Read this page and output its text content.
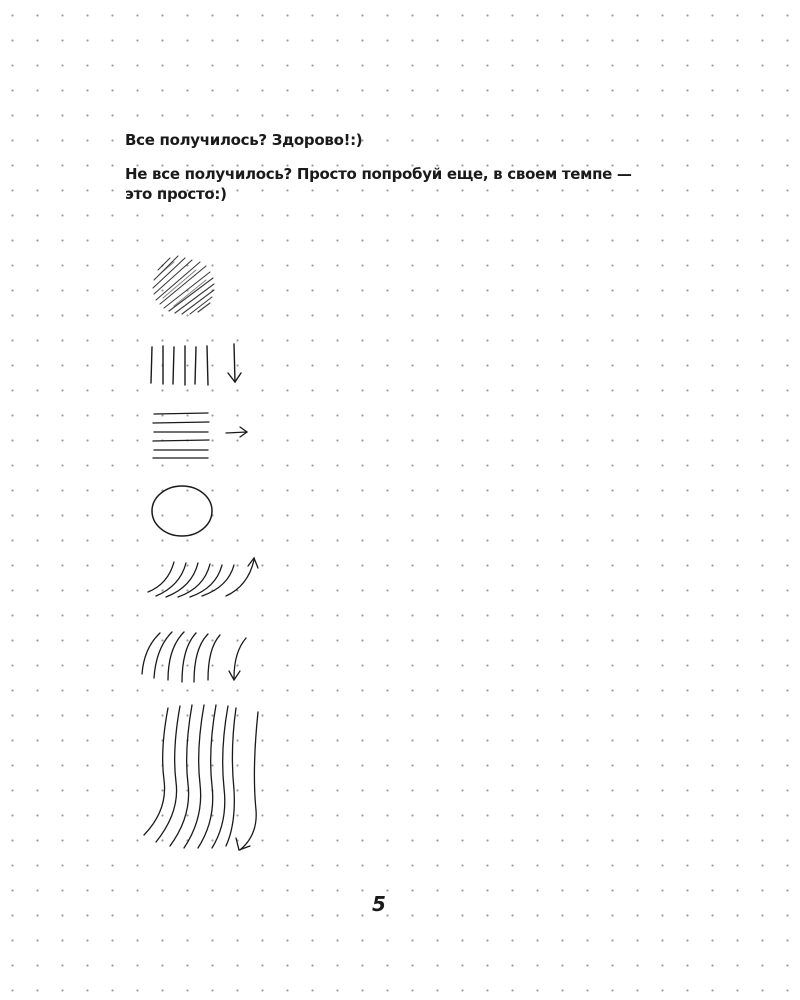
Все получилось? Здорово!:)
Не все получилось? Просто попробуй еще, в своем темпе — это просто:)
5
